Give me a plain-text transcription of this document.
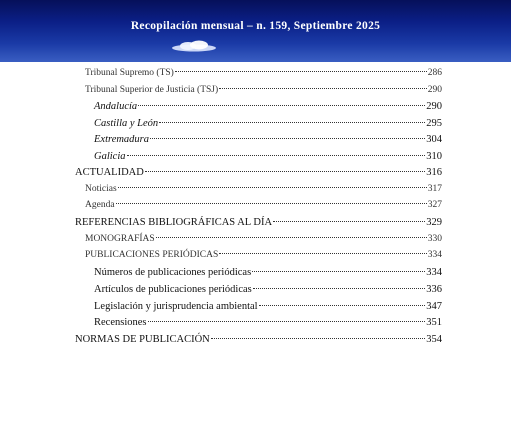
Recopilación mensual – n. 159, Septiembre 2025
Tribunal Supremo (TS)	286
Tribunal Superior de Justicia (TSJ)	290
Andalucía	290
Castilla y León	295
Extremadura	304
Galicia	310
ACTUALIDAD	316
Noticias	317
Agenda	327
REFERENCIAS BIBLIOGRÁFICAS AL DÍA	329
MONOGRAFÍAS	330
PUBLICACIONES PERIÓDICAS	334
Números de publicaciones periódicas	334
Artículos de publicaciones periódicas	336
Legislación y jurisprudencia ambiental	347
Recensiones	351
NORMAS DE PUBLICACIÓN	354
